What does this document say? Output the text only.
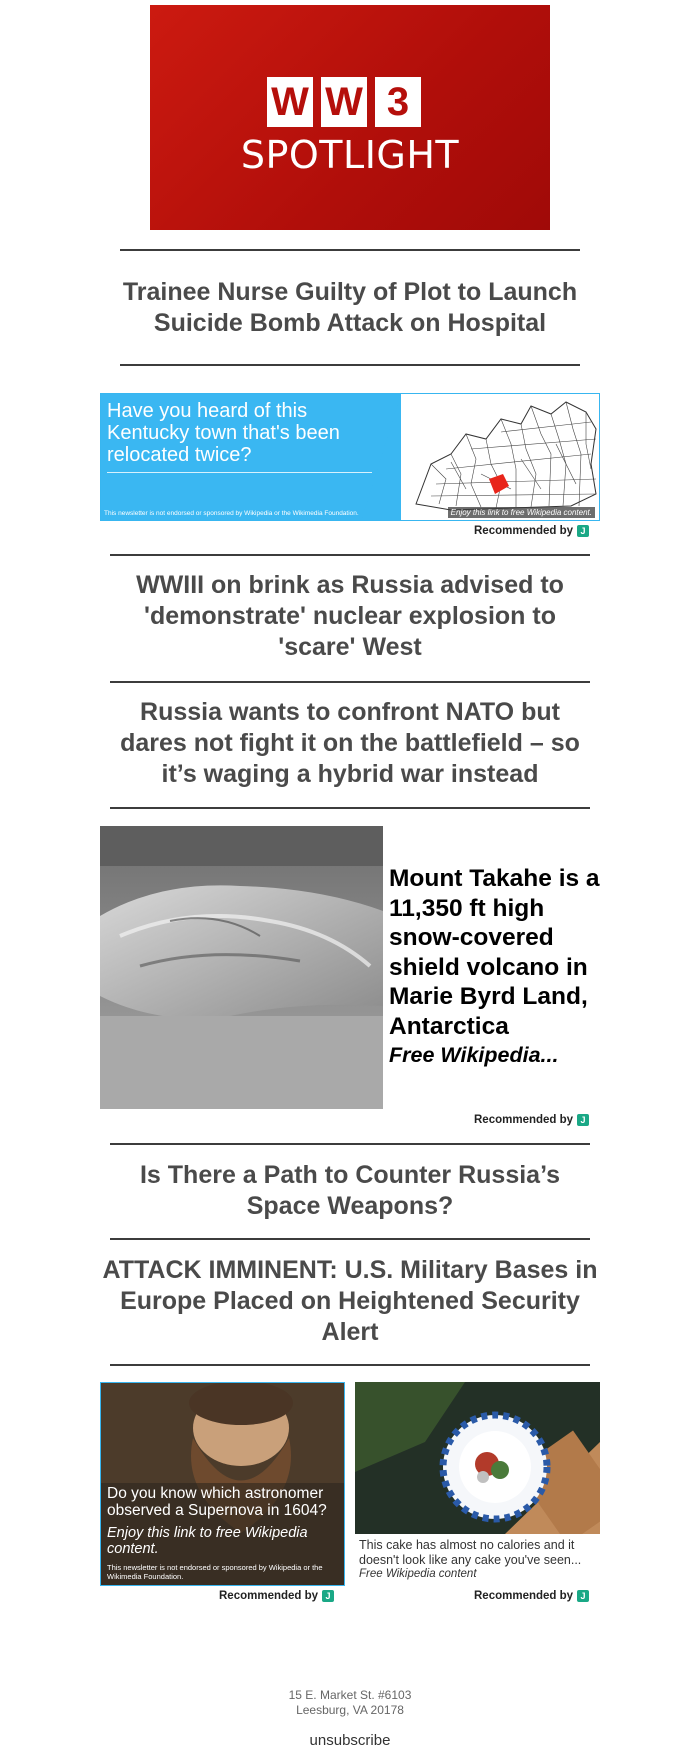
W W 3
SPOTLIGHT
Trainee Nurse Guilty of Plot to Launch Suicide Bomb Attack on Hospital
Have you heard of this Kentucky town that's been relocated twice?
This newsletter is not endorsed or sponsored by Wikipedia or the Wikimedia Foundation.	Enjoy this link to free Wikipedia content.
Recommended by J
WWIII on brink as Russia advised to 'demonstrate' nuclear explosion to 'scare' West
Russia wants to confront NATO but dares not fight it on the battlefield – so it’s waging a hybrid war instead
Mount Takahe is a 11,350 ft high snow-covered shield volcano in Marie Byrd Land, Antarctica
Free Wikipedia...
Recommended by J
Is There a Path to Counter Russia’s Space Weapons?
ATTACK IMMINENT: U.S. Military Bases in Europe Placed on Heightened Security Alert
Do you know which astronomer observed a Supernova in 1604?
Enjoy this link to free Wikipedia content.
This newsletter is not endorsed or sponsored by Wikipedia or the Wikimedia Foundation.
Recommended by J
This cake has almost no calories and it doesn't look like any cake you've seen...
Free Wikipedia content
Recommended by J
15 E. Market St. #6103
Leesburg, VA 20178
unsubscribe
